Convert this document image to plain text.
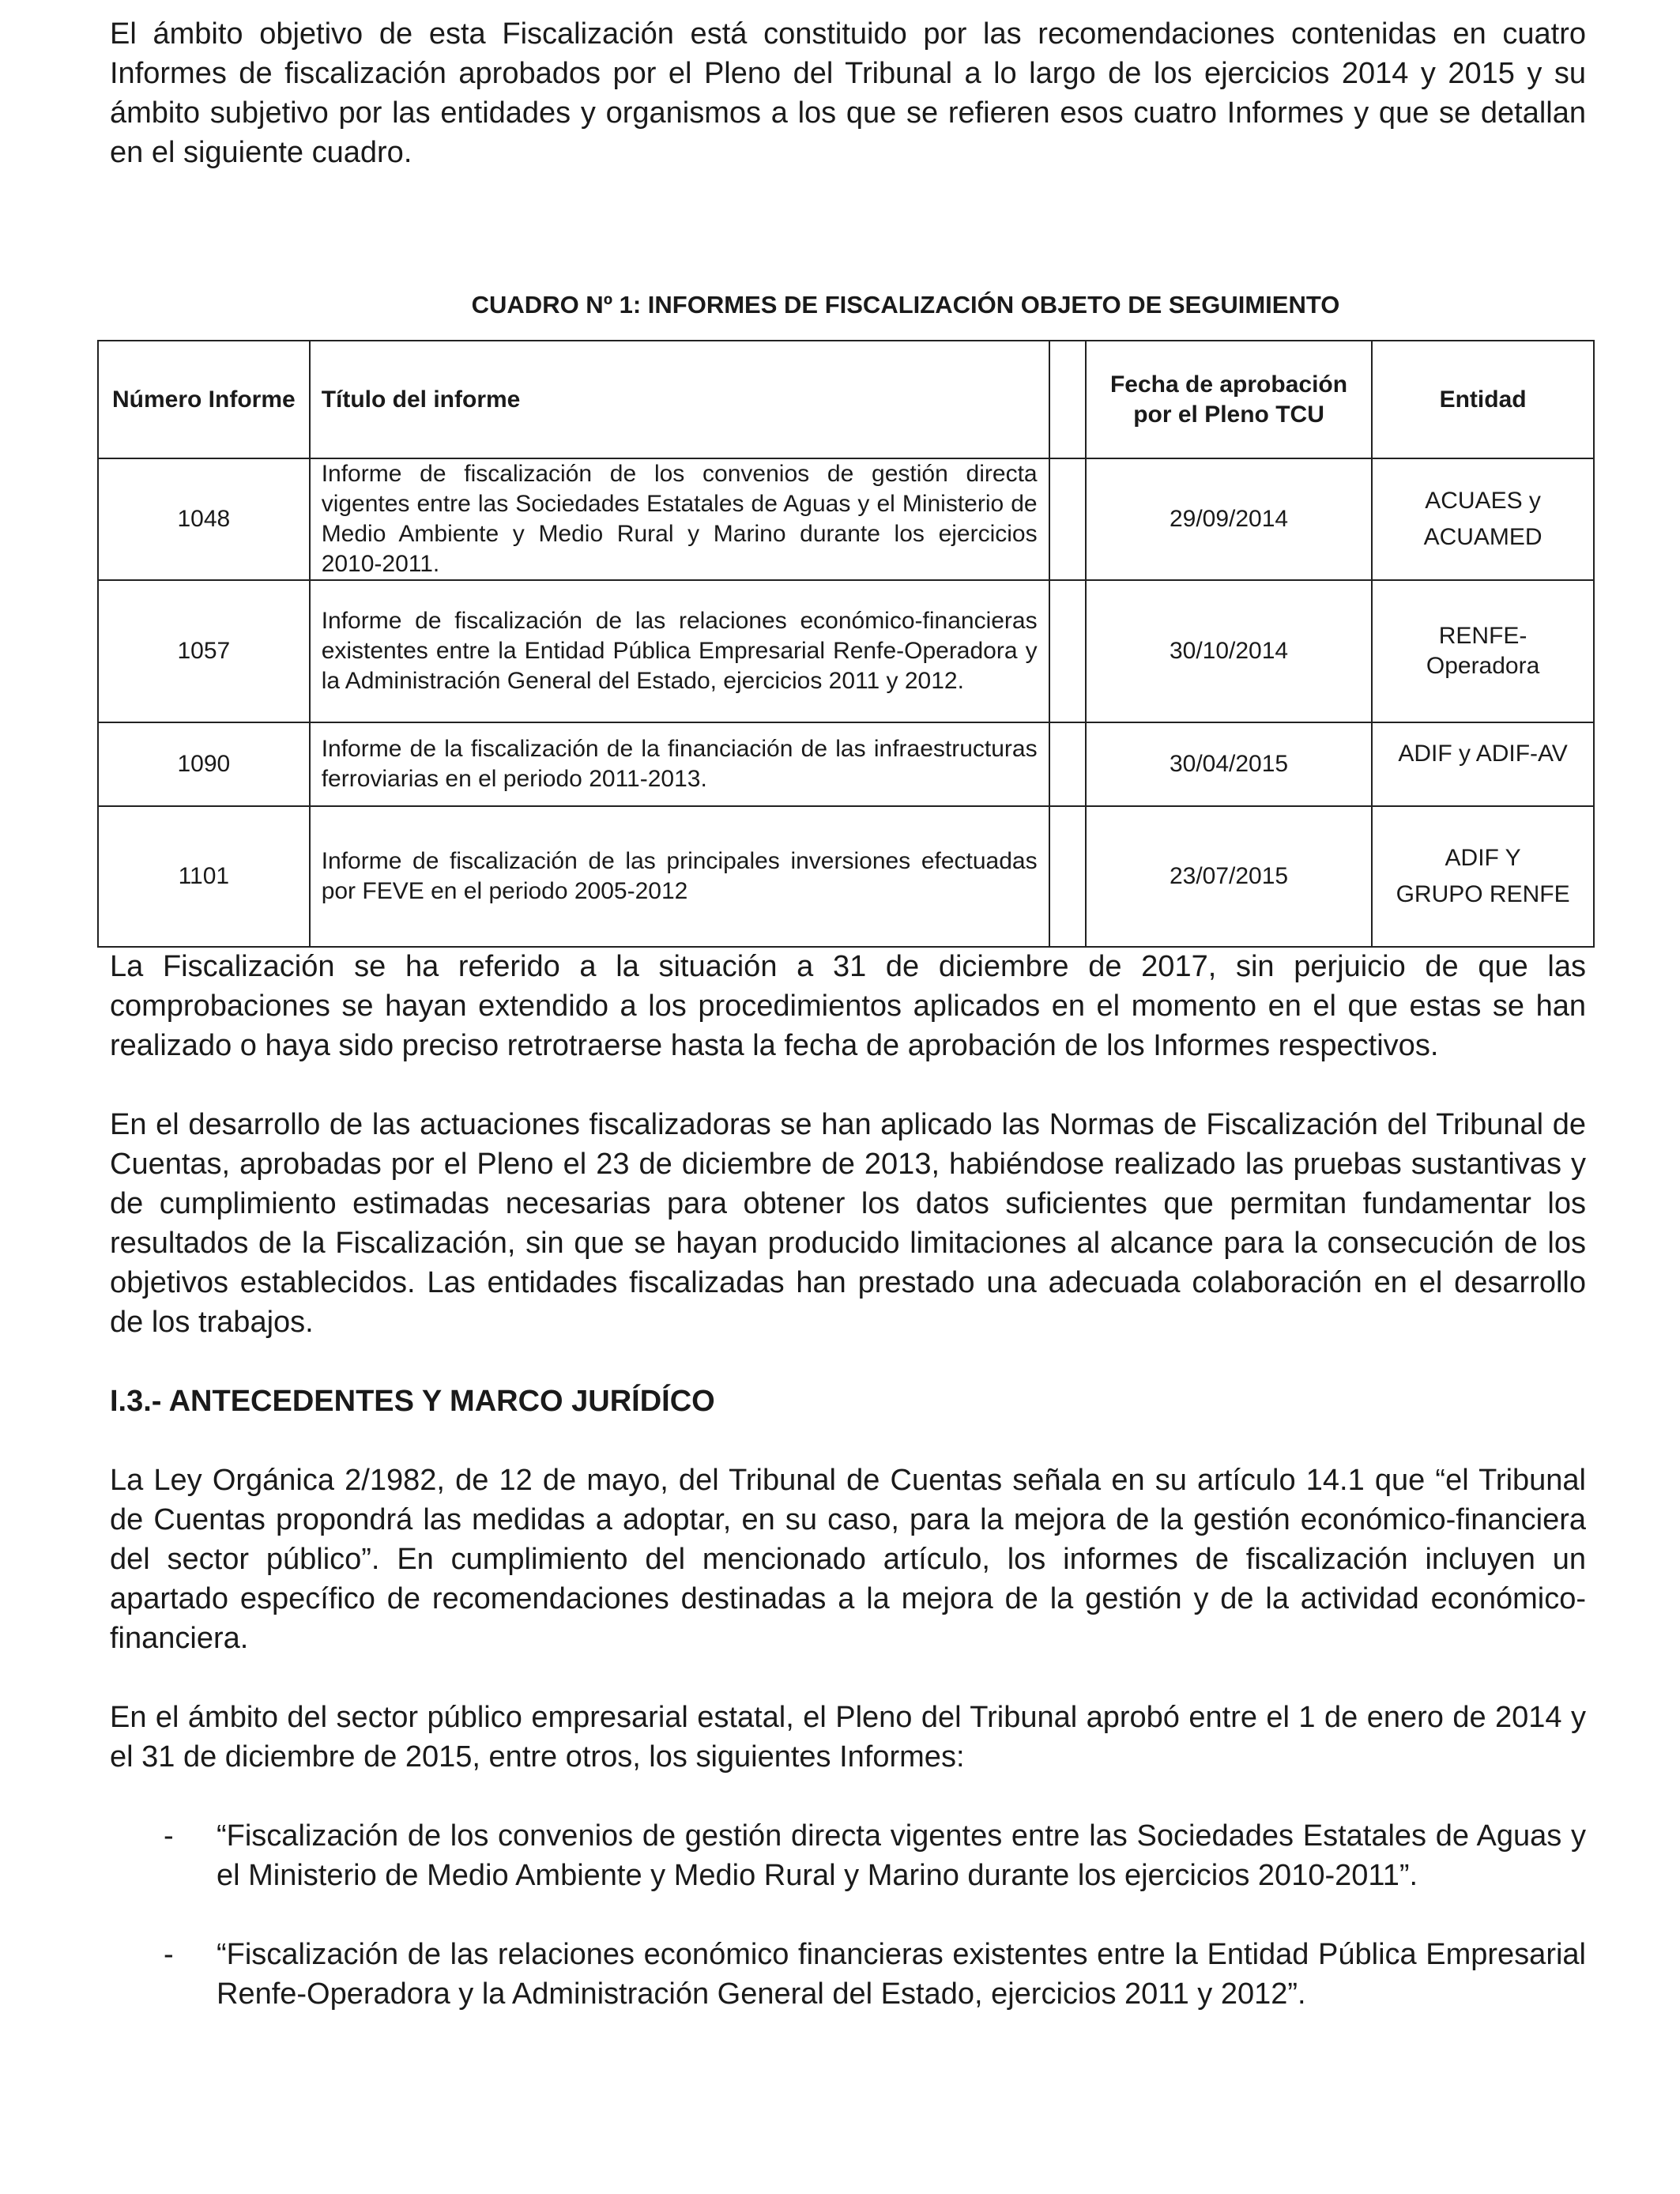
El ámbito objetivo de esta Fiscalización está constituido por las recomendaciones contenidas en cuatro Informes de fiscalización aprobados por el Pleno del Tribunal a lo largo de los ejercicios 2014 y 2015 y su ámbito subjetivo por las entidades y organismos a los que se refieren esos cuatro Informes y que se detallan en el siguiente cuadro.

CUADRO Nº 1: INFORMES DE FISCALIZACIÓN OBJETO DE SEGUIMIENTO
Número Informe	Título del informe		Fecha de aprobación por el Pleno TCU	Entidad
1048	Informe de fiscalización de los convenios de gestión directa vigentes entre las Sociedades Estatales de Aguas y el Ministerio de Medio Ambiente y Medio Rural y Marino durante los ejercicios 2010-2011.		29/09/2014	ACUAES y
ACUAMED
1057	Informe de fiscalización de las relaciones económico-financieras existentes entre la Entidad Pública Empresarial Renfe-Operadora y la Administración General del Estado, ejercicios 2011 y 2012.		30/10/2014	RENFE-Operadora
1090	Informe de la fiscalización de la financiación de las infraestructuras ferroviarias en el periodo 2011-2013.		30/04/2015	ADIF y ADIF-AV
1101	Informe de fiscalización de las principales inversiones efectuadas por FEVE en el periodo 2005-2012		23/07/2015	ADIF Y
GRUPO RENFE

La Fiscalización se ha referido a la situación a 31 de diciembre de 2017, sin perjuicio de que las comprobaciones se hayan extendido a los procedimientos aplicados en el momento en el que estas se han realizado o haya sido preciso retrotraerse hasta la fecha de aprobación de los Informes respectivos.

En el desarrollo de las actuaciones fiscalizadoras se han aplicado las Normas de Fiscalización del Tribunal de Cuentas, aprobadas por el Pleno el 23 de diciembre de 2013, habiéndose realizado las pruebas sustantivas y de cumplimiento estimadas necesarias para obtener los datos suficientes que permitan fundamentar los resultados de la Fiscalización, sin que se hayan producido limitaciones al alcance para la consecución de los objetivos establecidos. Las entidades fiscalizadas han prestado una adecuada colaboración en el desarrollo de los trabajos.

I.3.- ANTECEDENTES Y MARCO JURÍDÍCO

La Ley Orgánica 2/1982, de 12 de mayo, del Tribunal de Cuentas señala en su artículo 14.1 que “el Tribunal de Cuentas propondrá las medidas a adoptar, en su caso, para la mejora de la gestión económico-financiera del sector público”. En cumplimiento del mencionado artículo, los informes de fiscalización incluyen un apartado específico de recomendaciones destinadas a la mejora de la gestión y de la actividad económico-financiera.

En el ámbito del sector público empresarial estatal, el Pleno del Tribunal aprobó entre el 1 de enero de 2014 y el 31 de diciembre de 2015, entre otros, los siguientes Informes:

- “Fiscalización de los convenios de gestión directa vigentes entre las Sociedades Estatales de Aguas y el Ministerio de Medio Ambiente y Medio Rural y Marino durante los ejercicios 2010-2011”.
- “Fiscalización de las relaciones económico financieras existentes entre la Entidad Pública Empresarial Renfe-Operadora y la Administración General del Estado, ejercicios 2011 y 2012”.
